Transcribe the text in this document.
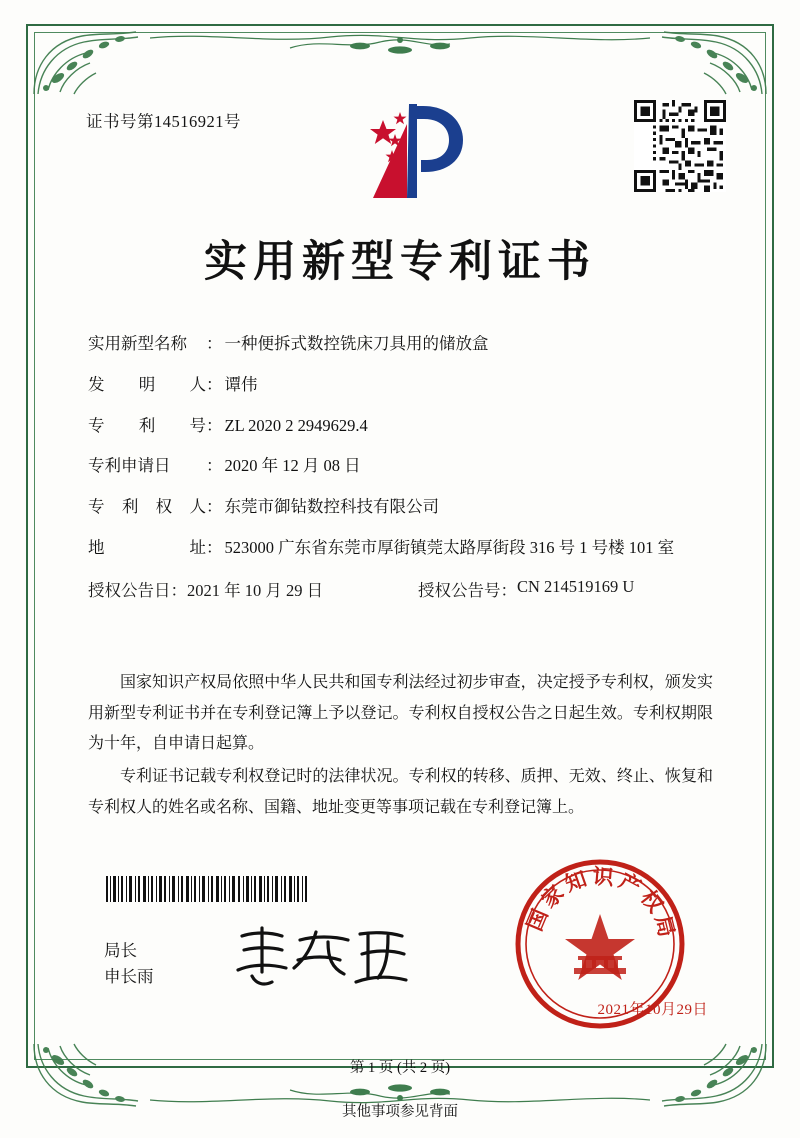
证书号第14516921号
实用新型专利证书
实用新型名称	： 一种便拆式数控铣床刀具用的储放盒
发 明 人 ： 谭伟
专 利 号 ： ZL 2020 2 2949629.4
专利申请日	： 2020 年 12 月 08 日
专 利 权 人 ： 东莞市御钻数控科技有限公司
地 址 ： 523000 广东省东莞市厚街镇莞太路厚街段 316 号 1 号楼 101 室
授权公告日 ： 2021 年 10 月 29 日	授权公告号 ： CN 214519169 U

国家知识产权局依照中华人民共和国专利法经过初步审查，决定授予专利权，颁发实用新型专利证书并在专利登记簿上予以登记。专利权自授权公告之日起生效。专利权期限为十年，自申请日起算。

专利证书记载专利权登记时的法律状况。专利权的转移、质押、无效、终止、恢复和专利权人的姓名或名称、国籍、地址变更等事项记载在专利登记簿上。

局长
申长雨
国家知识产权局
2021年10月29日
第 1 页 (共 2 页)
其他事项参见背面
